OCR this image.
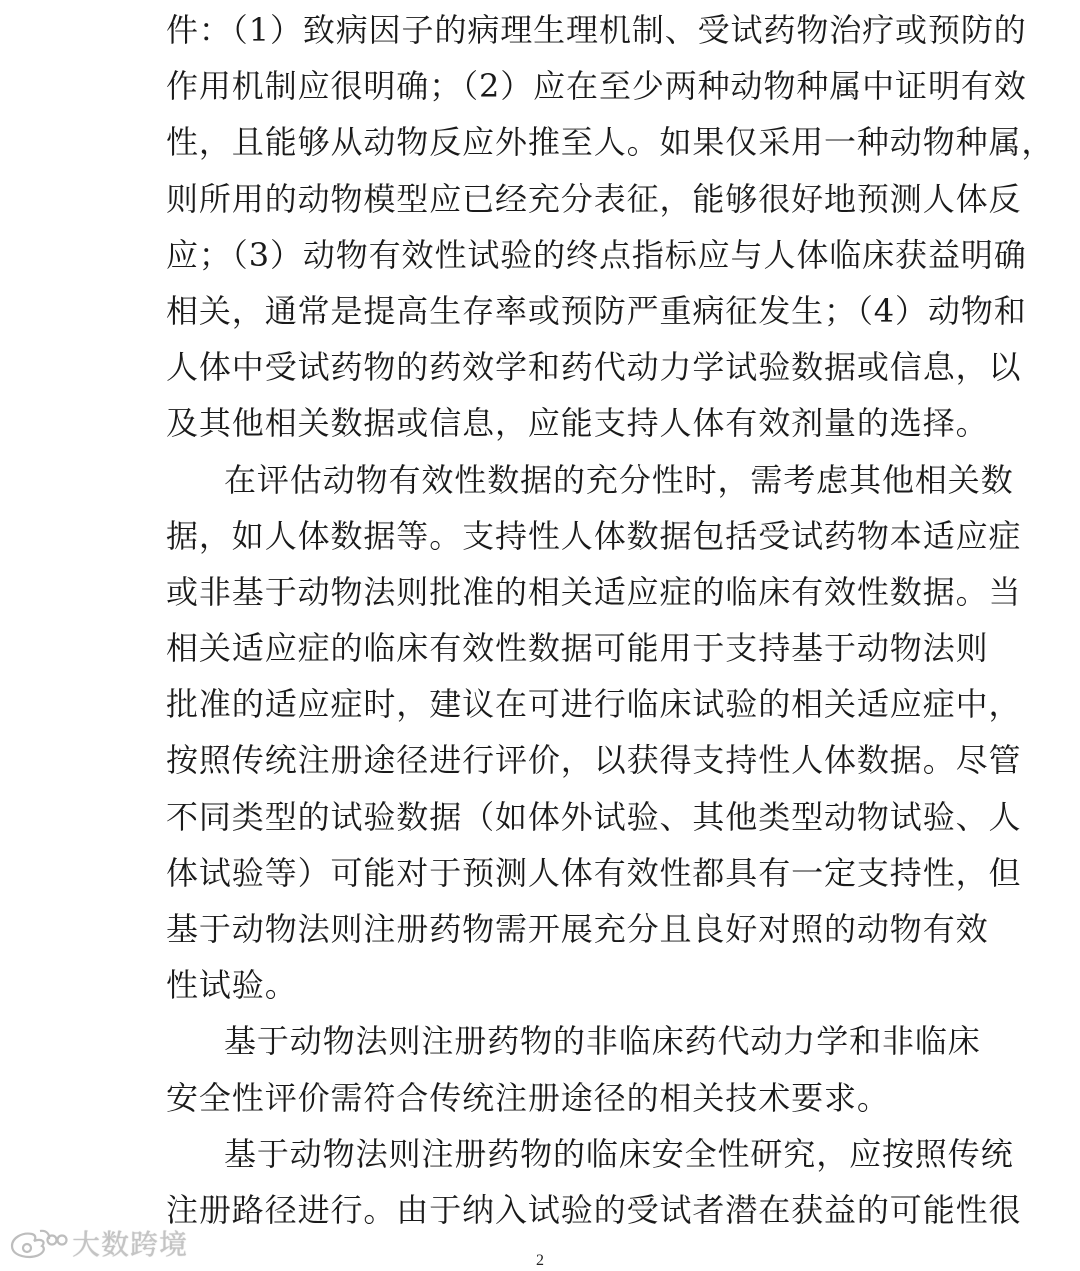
件：（1）致病因子的病理生理机制、受试药物治疗或预防的
作用机制应很明确；（2）应在至少两种动物种属中证明有效
性，且能够从动物反应外推至人。如果仅采用一种动物种属，
则所用的动物模型应已经充分表征，能够很好地预测人体反
应；（3）动物有效性试验的终点指标应与人体临床获益明确
相关，通常是提高生存率或预防严重病征发生；（4）动物和
人体中受试药物的药效学和药代动力学试验数据或信息，以
及其他相关数据或信息，应能支持人体有效剂量的选择。
在评估动物有效性数据的充分性时，需考虑其他相关数
据，如人体数据等。支持性人体数据包括受试药物本适应症
或非基于动物法则批准的相关适应症的临床有效性数据。当
相关适应症的临床有效性数据可能用于支持基于动物法则
批准的适应症时，建议在可进行临床试验的相关适应症中，
按照传统注册途径进行评价，以获得支持性人体数据。尽管
不同类型的试验数据（如体外试验、其他类型动物试验、人
体试验等）可能对于预测人体有效性都具有一定支持性，但
基于动物法则注册药物需开展充分且良好对照的动物有效
性试验。
基于动物法则注册药物的非临床药代动力学和非临床
安全性评价需符合传统注册途径的相关技术要求。
基于动物法则注册药物的临床安全性研究，应按照传统
注册路径进行。由于纳入试验的受试者潜在获益的可能性很
2
大数跨境
